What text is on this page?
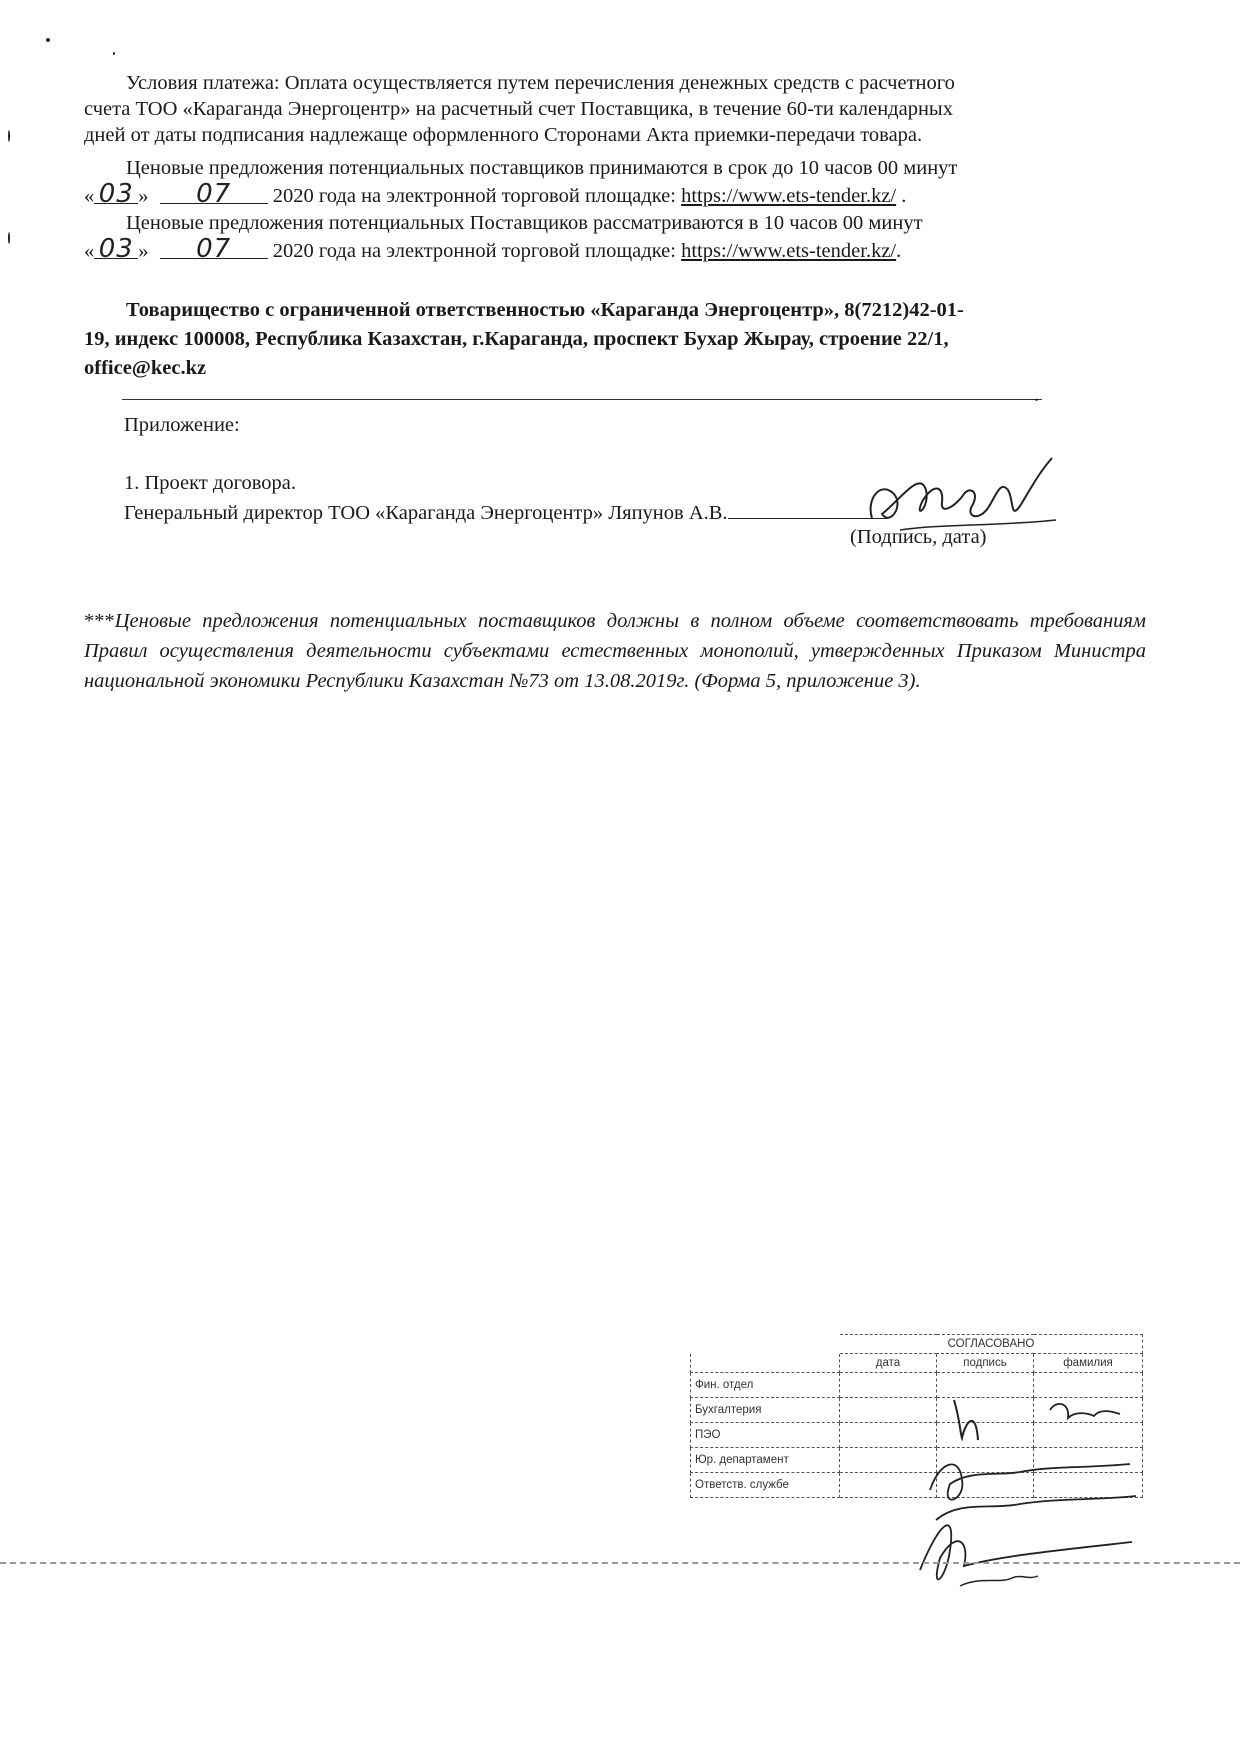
Условия платежа: Оплата осуществляется путем перечисления денежных средств с расчетного
счета ТОО «Караганда Энергоцентр» на расчетный счет Поставщика, в течение 60-ти календарных
дней от даты подписания надлежаще оформленного Сторонами Акта приемки-передачи товара.
Ценовые предложения потенциальных поставщиков принимаются в срок до 10 часов 00 минут
« 03 » 07 2020 года на электронной торговой площадке: https://www.ets-tender.kz/ .
Ценовые предложения потенциальных Поставщиков рассматриваются в 10 часов 00 минут
« 03 » 07 2020 года на электронной торговой площадке: https://www.ets-tender.kz/.
Товарищество с ограниченной ответственностью «Караганда Энергоцентр», 8(7212)42-01-
19, индекс 100008, Республика Казахстан, г.Караганда, проспект Бухар Жырау, строение 22/1,
office@kec.kz
.
Приложение:
1. Проект договора.
Генеральный директор ТОО «Караганда Энергоцентр» Ляпунов А.В.
(Подпись, дата)
***Ценовые предложения потенциальных поставщиков должны в полном объеме соответствовать требованиям Правил осуществления деятельности субъектами естественных монополий, утвержденных Приказом Министра национальной экономики Республики Казахстан №73 от 13.08.2019г. (Форма 5, приложение 3).
	СОГЛАСОВАНО		
	дата	подпись	фамилия
Фин. отдел			
Бухгалтерия			
ПЭО			
Юр. департамент			
Ответств. службе			
